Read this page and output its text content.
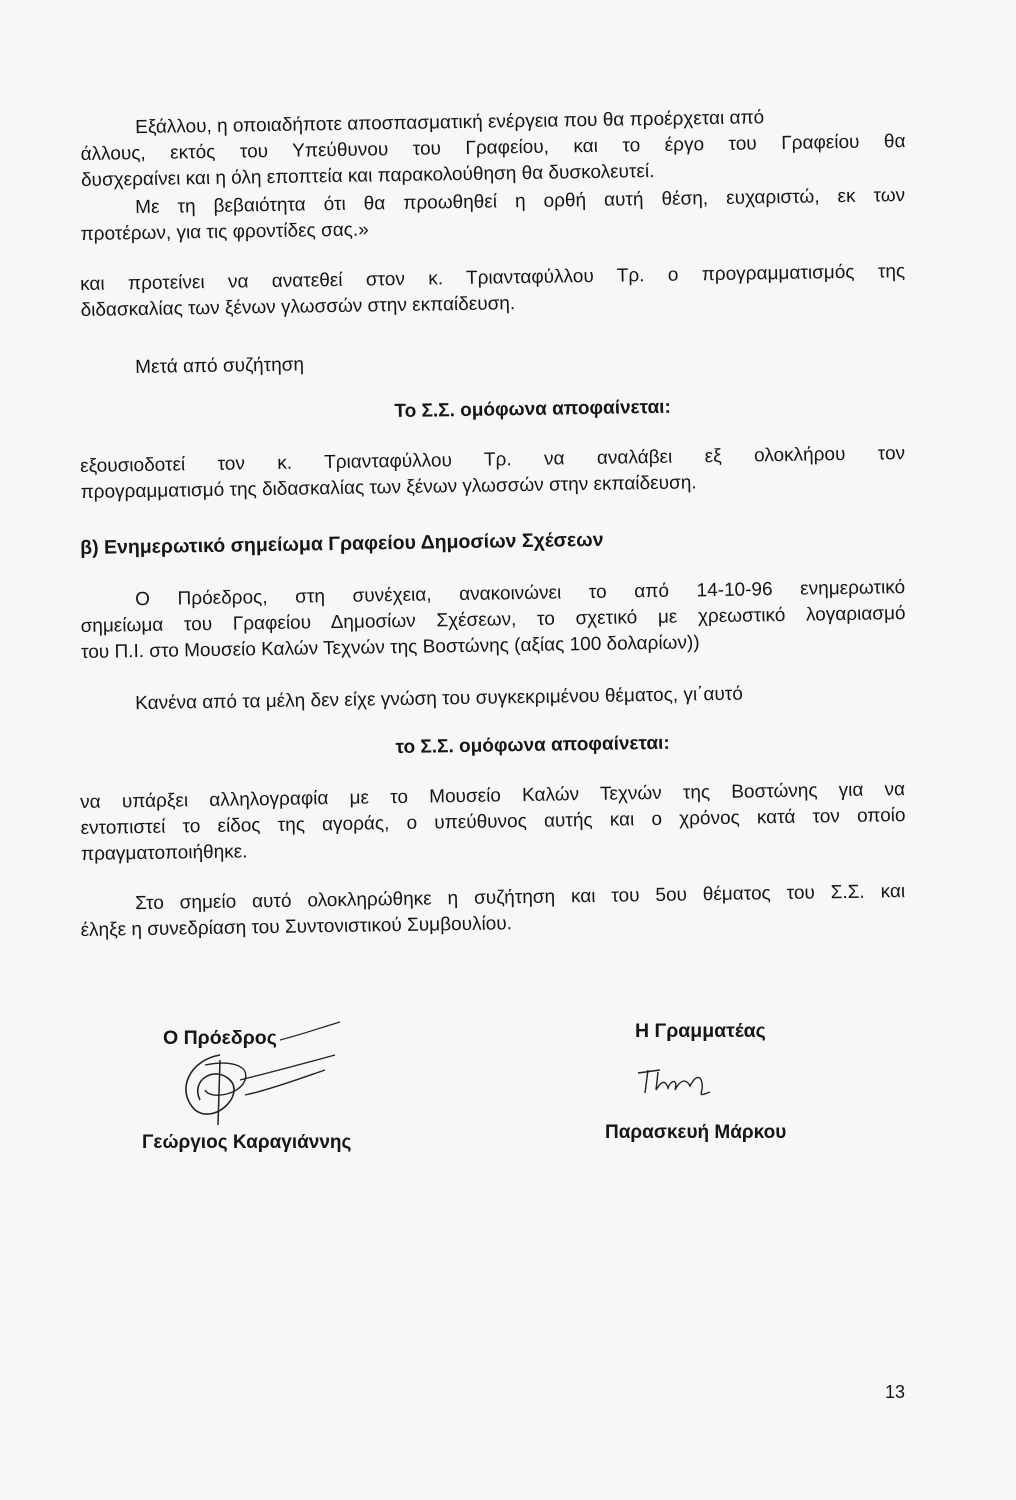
Εξάλλου, η οποιαδήποτε αποσπασματική ενέργεια που θα προέρχεται από
άλλους, εκτός του Υπεύθυνου του Γραφείου, και το έργο του Γραφείου θα
δυσχεραίνει και η όλη εποπτεία και παρακολούθηση θα δυσκολευτεί.
Με τη βεβαιότητα ότι θα προωθηθεί η ορθή αυτή θέση, ευχαριστώ, εκ των
προτέρων, για τις φροντίδες σας.»
και προτείνει να ανατεθεί στον κ. Τριανταφύλλου Τρ. ο προγραμματισμός της
διδασκαλίας των ξένων γλωσσών στην εκπαίδευση.
Μετά από συζήτηση
Το Σ.Σ. ομόφωνα αποφαίνεται:
εξουσιοδοτεί τον κ. Τριανταφύλλου Τρ. να αναλάβει εξ ολοκλήρου τον
προγραμματισμό της διδασκαλίας των ξένων γλωσσών στην εκπαίδευση.
β) Ενημερωτικό σημείωμα Γραφείου Δημοσίων Σχέσεων
Ο Πρόεδρος, στη συνέχεια, ανακοινώνει το από 14-10-96 ενημερωτικό
σημείωμα του Γραφείου Δημοσίων Σχέσεων, το σχετικό με χρεωστικό λογαριασμό
του Π.Ι. στο Μουσείο Καλών Τεχνών της Βοστώνης (αξίας 100 δολαρίων))
Κανένα από τα μέλη δεν είχε γνώση του συγκεκριμένου θέματος, γι΄αυτό
το Σ.Σ. ομόφωνα αποφαίνεται:
να υπάρξει αλληλογραφία με το Μουσείο Καλών Τεχνών της Βοστώνης για να
εντοπιστεί το είδος της αγοράς, ο υπεύθυνος αυτής και ο χρόνος κατά τον οποίο
πραγματοποιήθηκε.
Στο σημείο αυτό ολοκληρώθηκε η συζήτηση και του 5ου θέματος του Σ.Σ. και
έληξε η συνεδρίαση του Συντονιστικού Συμβουλίου.
Ο Πρόεδρος
Γεώργιος Καραγιάννης
Η Γραμματέας
Παρασκευή Μάρκου
13
